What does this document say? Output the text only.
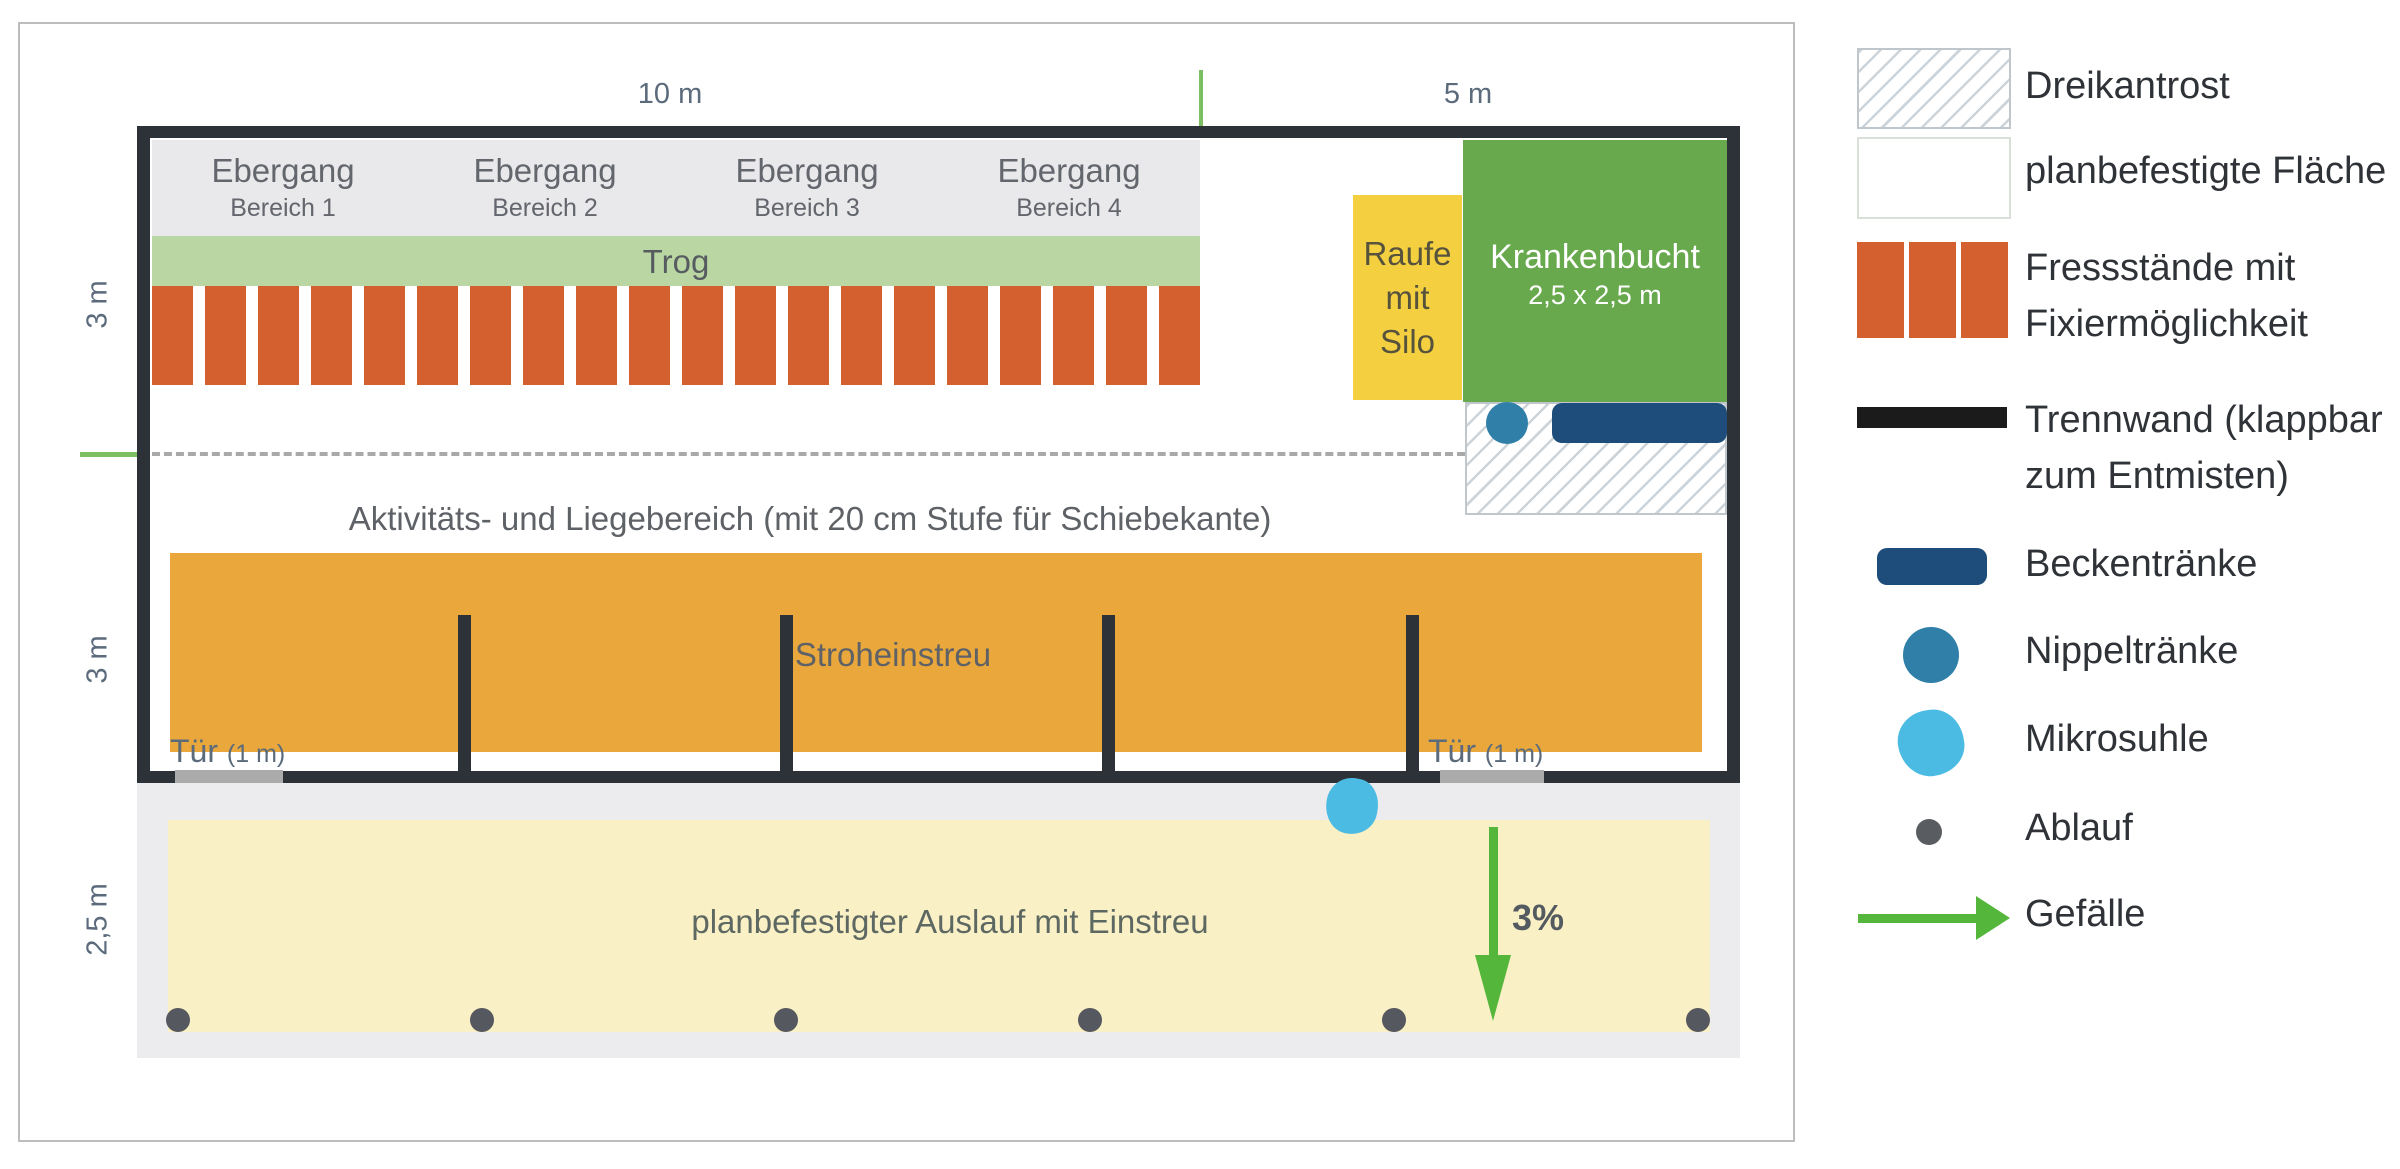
10 m	5 m
3 m
3 m
2,5 m
Ebergang
Bereich 1
Ebergang
Bereich 2
Ebergang
Bereich 3
Ebergang
Bereich 4
Trog
Aktivitäts- und Liegebereich (mit 20 cm Stufe für Schiebekante)
Stroheinstreu
Tür (1 m)	Tür (1 m)
Raufe
mit
Silo
Krankenbucht
2,5 x 2,5 m
planbefestigter Auslauf mit Einstreu	3%
Dreikantrost
planbefestigte Fläche
Fressstände mit
Fixiermöglichkeit
Trennwand (klappbar
zum Entmisten)
Beckentränke
Nippeltränke
Mikrosuhle
Ablauf
Gefälle
